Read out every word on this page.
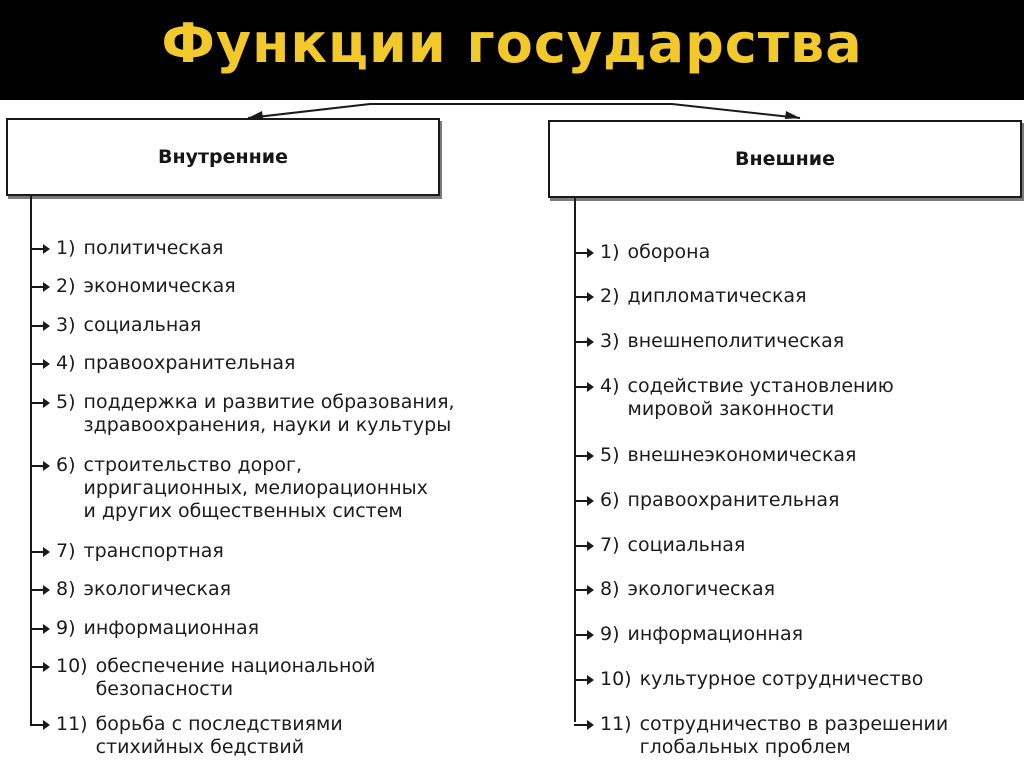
Функции государства
Внутренние	Внешние
1) политическая
2) экономическая
3) социальная
4) правоохранительная
5) поддержка и развитие образования,
здравоохранения, науки и культуры
6) строительство дорог,
ирригационных, мелиорационных
и других общественных систем
7) транспортная
8) экологическая
9) информационная
10) обеспечение национальной
безопасности
11) борьба с последствиями
стихийных бедствий
1) оборона
2) дипломатическая
3) внешнеполитическая
4) содействие установлению
мировой законности
5) внешнеэкономическая
6) правоохранительная
7) социальная
8) экологическая
9) информационная
10) культурное сотрудничество
11) сотрудничество в разрешении
глобальных проблем
